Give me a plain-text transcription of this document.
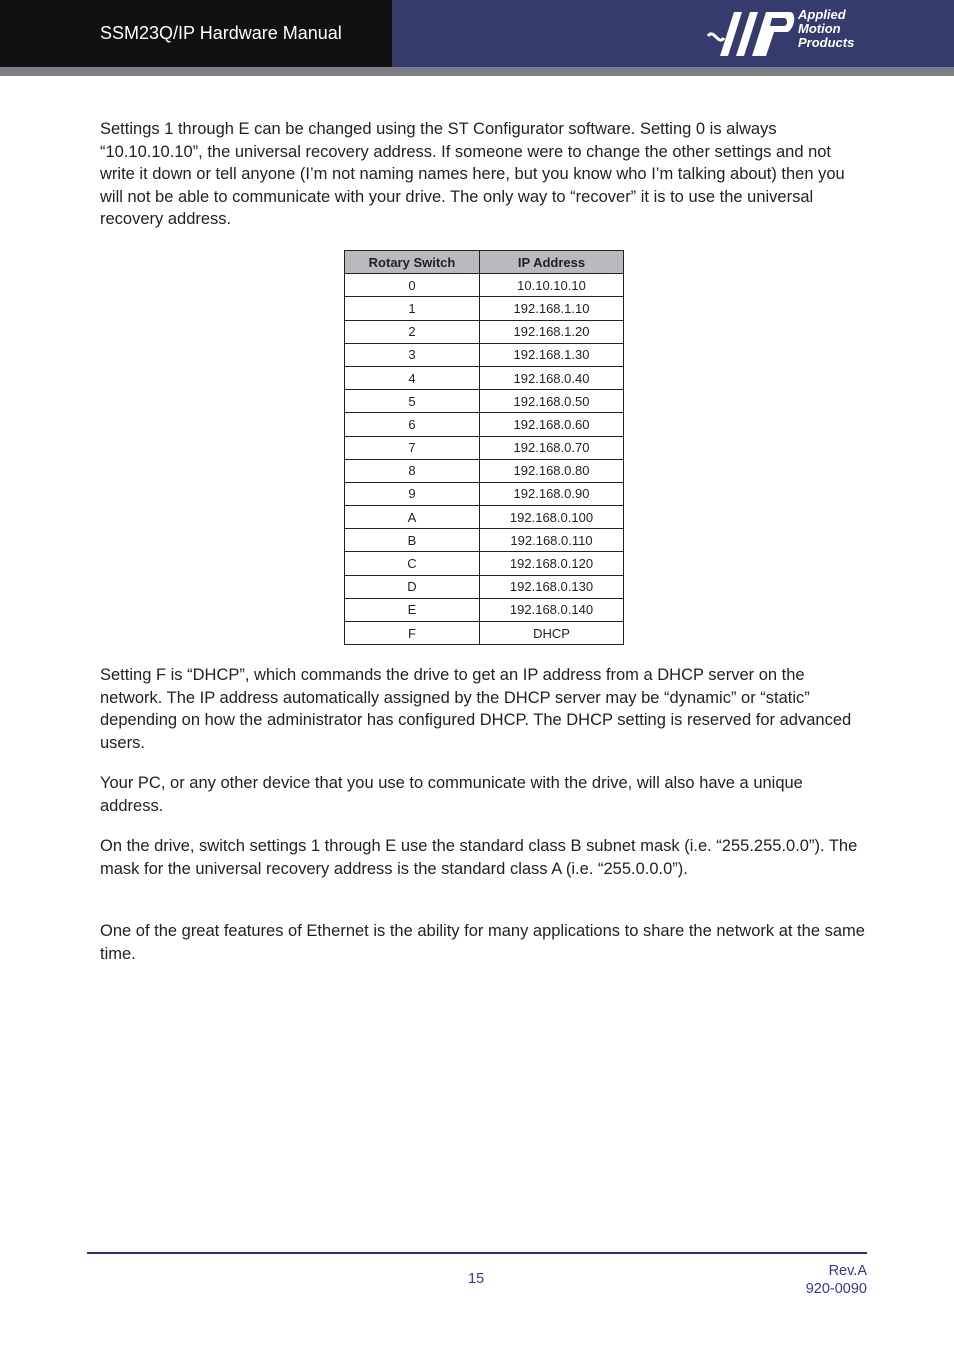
SSM23Q/IP Hardware Manual
Applied
Motion
Products

Settings 1 through E can be changed using the ST Configurator software. Setting 0 is always “10.10.10.10”, the universal recovery address. If someone were to change the other settings and not write it down or tell anyone (I’m not naming names here, but you know who I’m talking about) then you will not be able to communicate with your drive. The only way to “recover” it is to use the universal recovery address.

Rotary Switch	IP Address
0	10.10.10.10
1	192.168.1.10
2	192.168.1.20
3	192.168.1.30
4	192.168.0.40
5	192.168.0.50
6	192.168.0.60
7	192.168.0.70
8	192.168.0.80
9	192.168.0.90
A	192.168.0.100
B	192.168.0.110
C	192.168.0.120
D	192.168.0.130
E	192.168.0.140
F	DHCP

Setting F is “DHCP”, which commands the drive to get an IP address from a DHCP server on the network. The IP address automatically assigned by the DHCP server may be “dynamic” or “static” depending on how the administrator has configured DHCP. The DHCP setting is reserved for advanced users.

Your PC, or any other device that you use to communicate with the drive, will also have a unique address.

On the drive, switch settings 1 through E use the standard class B subnet mask (i.e. “255.255.0.0”). The mask for the universal recovery address is the standard class A (i.e. “255.0.0.0”).

One of the great features of Ethernet is the ability for many applications to share the network at the same time.

15	Rev.A
920-0090
